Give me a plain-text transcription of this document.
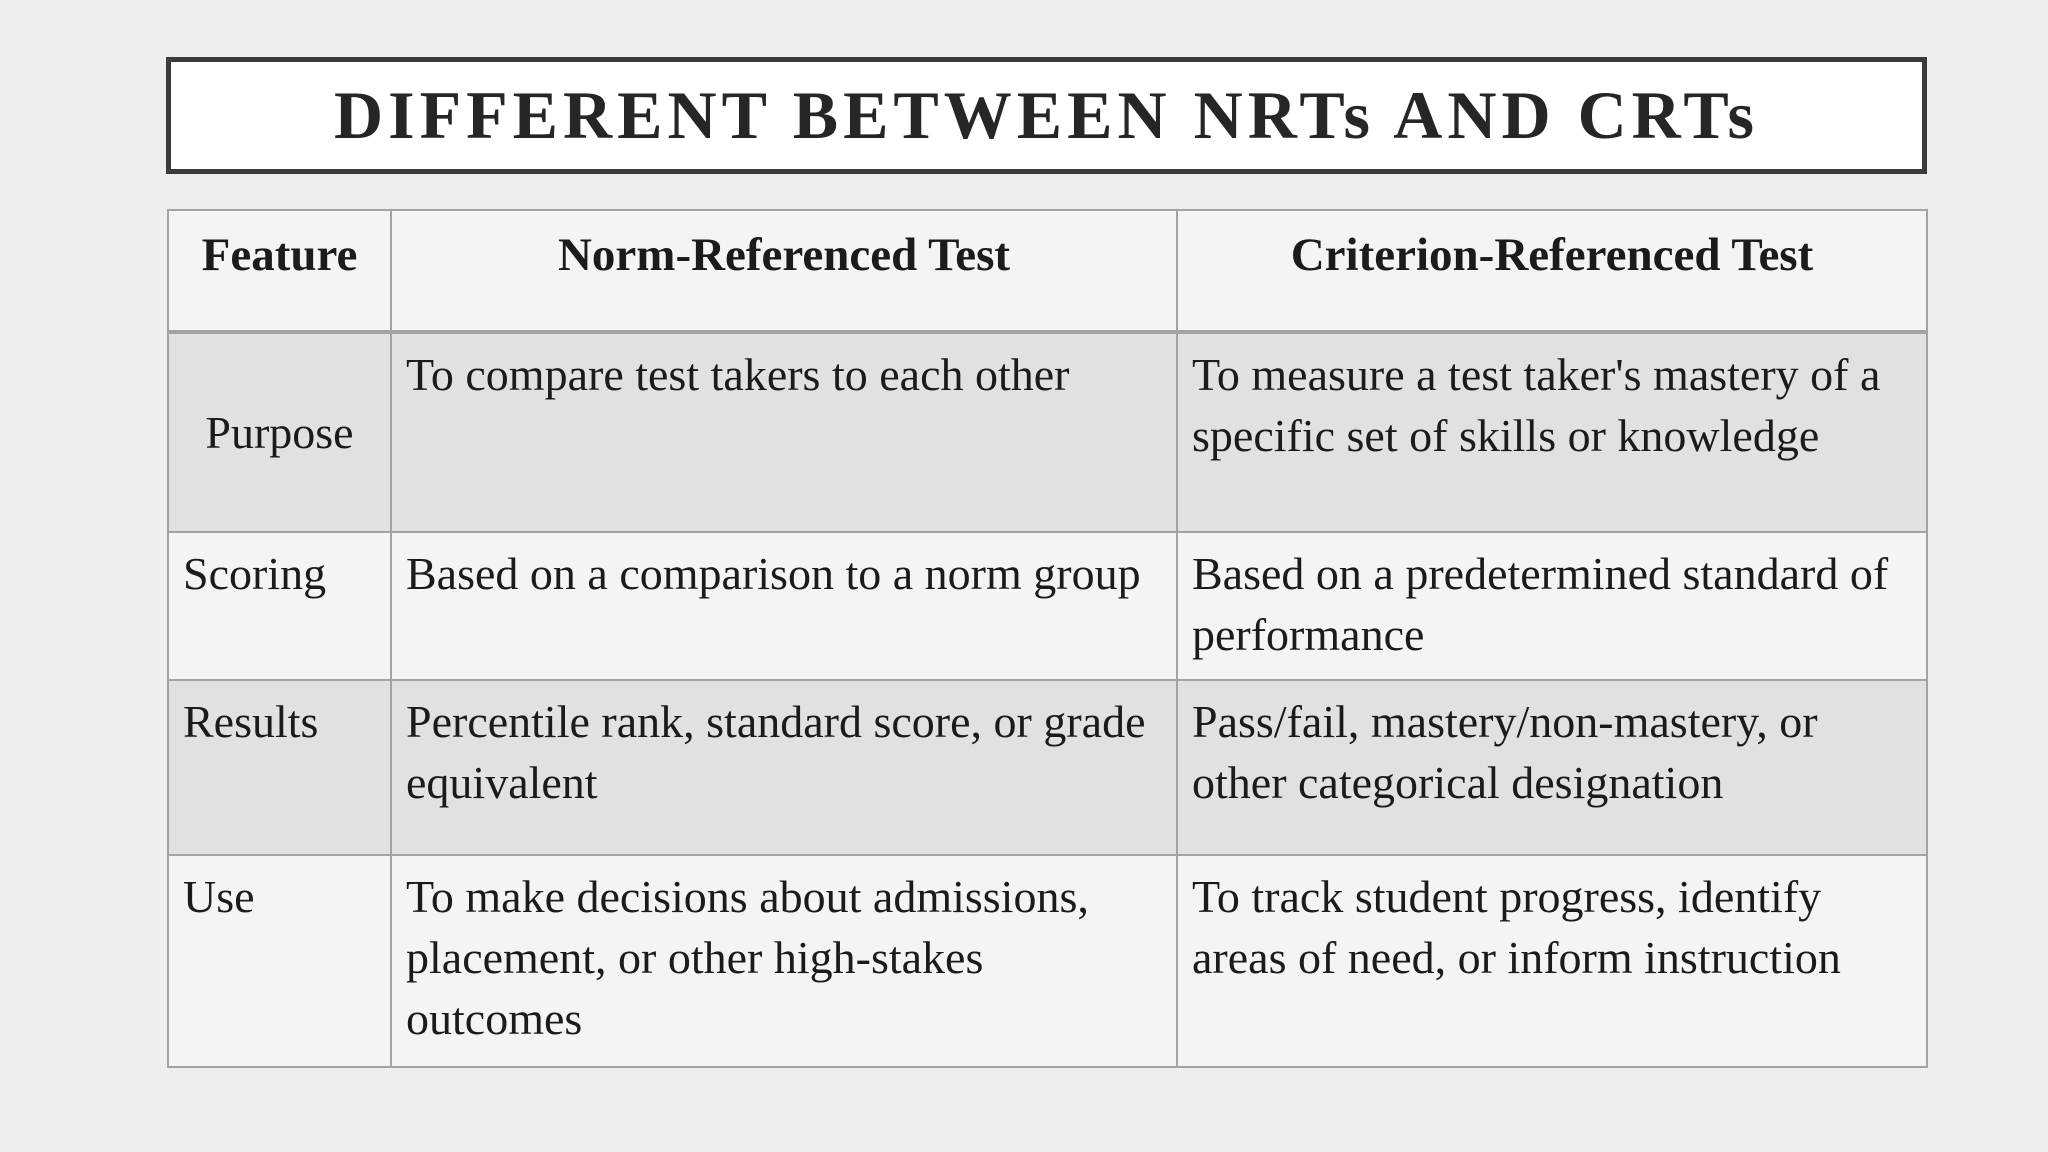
DIFFERENT BETWEEN NRTs AND CRTs
Feature	Norm-Referenced Test	Criterion-Referenced Test
Purpose	To compare test takers to each other	To measure a test taker's mastery of a specific set of skills or knowledge
Scoring	Based on a comparison to a norm group	Based on a predetermined standard of performance
Results	Percentile rank, standard score, or grade equivalent	Pass/fail, mastery/non-mastery, or other categorical designation
Use	To make decisions about admissions, placement, or other high-stakes outcomes	To track student progress, identify areas of need, or inform instruction
